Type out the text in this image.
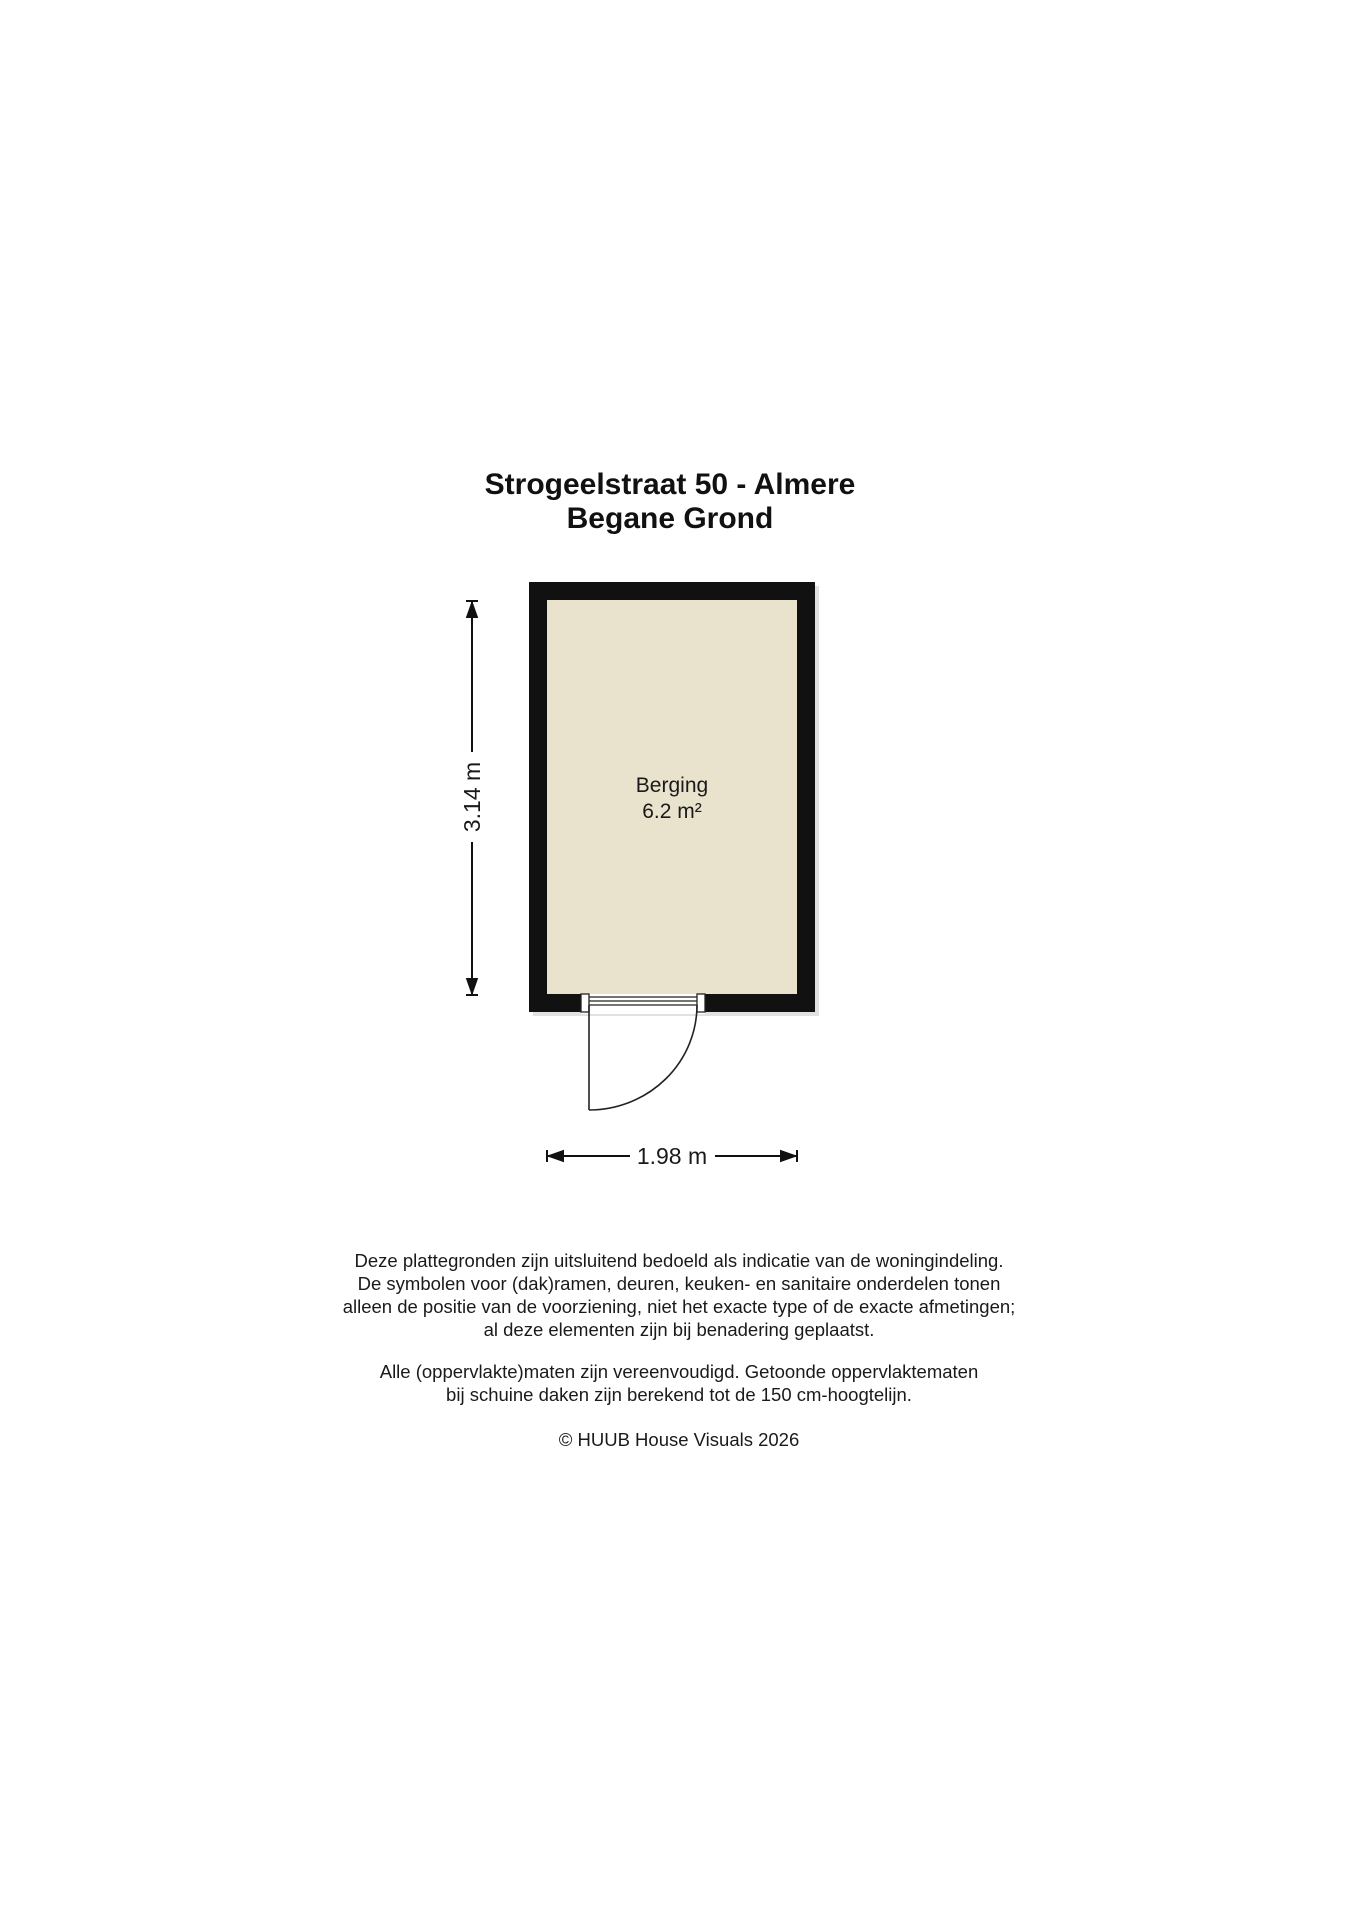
Strogeelstraat 50 - Almere
Begane Grond
Berging
6.2 m²
3.14 m
1.98 m
Deze plattegronden zijn uitsluitend bedoeld als indicatie van de woningindeling.
De symbolen voor (dak)ramen, deuren, keuken- en sanitaire onderdelen tonen
alleen de positie van de voorziening, niet het exacte type of de exacte afmetingen;
al deze elementen zijn bij benadering geplaatst.
Alle (oppervlakte)maten zijn vereenvoudigd. Getoonde oppervlaktematen
bij schuine daken zijn berekend tot de 150 cm-hoogtelijn.
© HUUB House Visuals 2026
